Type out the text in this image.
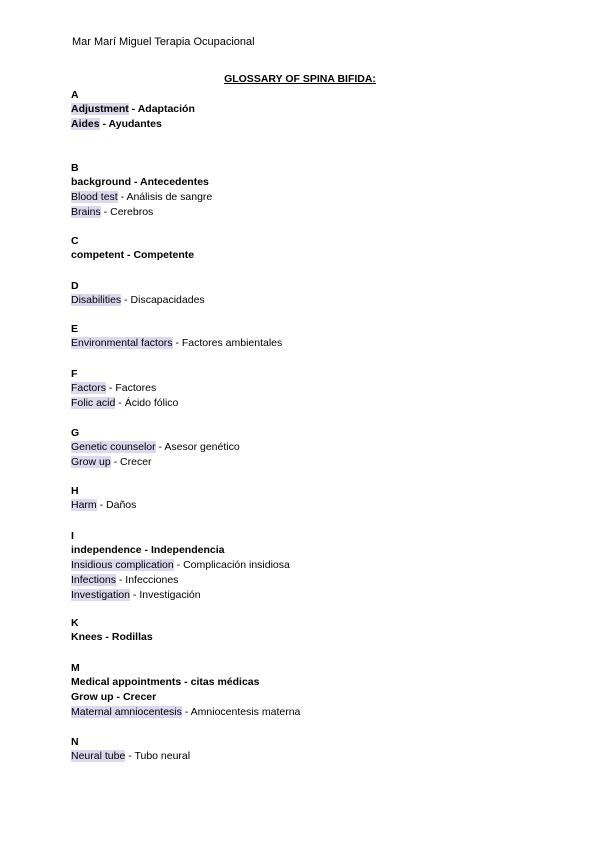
Mar Marí Miguel Terapia Ocupacional
GLOSSARY OF SPINA BIFIDA:
A
Adjustment - Adaptación
Aides - Ayudantes
B
background - Antecedentes
Blood test - Análisis de sangre
Brains - Cerebros
C
competent - Competente
D
Disabilities - Discapacidades
E
Environmental factors - Factores ambientales
F
Factors - Factores
Folic acid - Ácido fólico
G
Genetic counselor - Asesor genético
Grow up - Crecer
H
Harm - Daños
I
independence - Independencia
Insidious complication - Complicación insidiosa
Infections - Infecciones
Investigation - Investigación
K
Knees - Rodillas
M
Medical appointments - citas médicas
Grow up - Crecer
Maternal amniocentesis - Amniocentesis materna
N
Neural tube - Tubo neural
